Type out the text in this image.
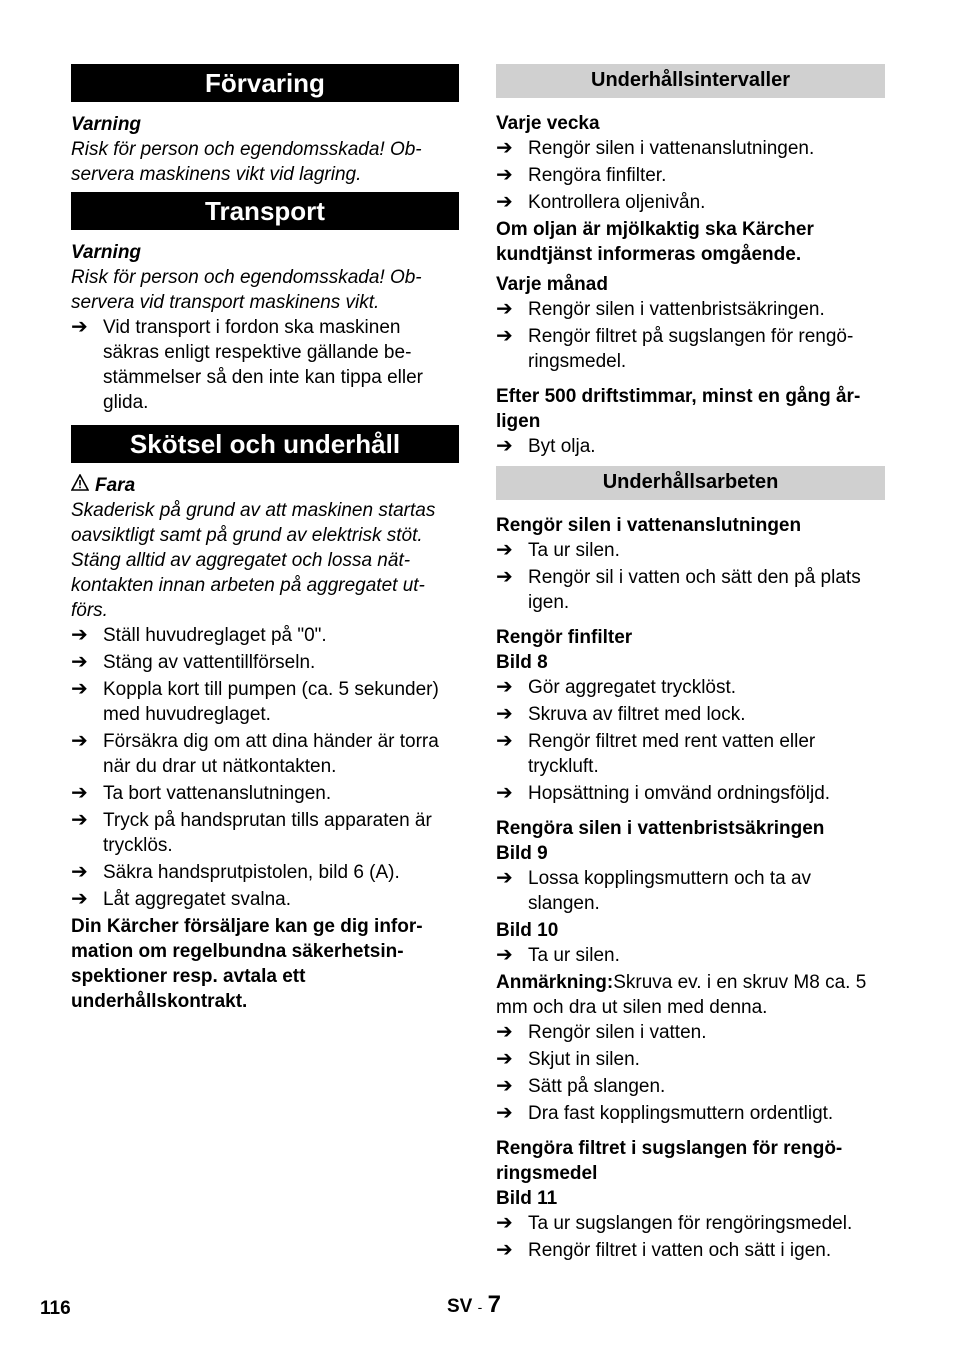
Förvaring
Varning

Risk för person och egendomsskada! Ob-servera maskinens vikt vid lagring.

Transport
Varning

Risk för person och egendomsskada! Ob-servera vid transport maskinens vikt.

➔ Vid transport i fordon ska maskinen säkras enligt respektive gällande be-stämmelser så den inte kan tippa eller glida.
Skötsel och underhåll
Fara

Skaderisk på grund av att maskinen startas oavsiktligt samt på grund av elektrisk stöt. Stäng alltid av aggregatet och lossa nät-kontakten innan arbeten på aggregatet ut-förs.

➔ Ställ huvudreglaget på "0".
➔ Stäng av vattentillförseln.
➔ Koppla kort till pumpen (ca. 5 sekunder) med huvudreglaget.
➔ Försäkra dig om att dina händer är torra när du drar ut nätkontakten.
➔ Ta bort vattenanslutningen.
➔ Tryck på handsprutan tills apparaten är trycklös.
➔ Säkra handsprutpistolen, bild 6 (A).
➔ Låt aggregatet svalna.

Din Kärcher försäljare kan ge dig infor-mation om regelbundna säkerhetsin-spektioner resp. avtala ett underhållskontrakt.

Underhållsintervaller

Varje vecka

➔ Rengör silen i vattenanslutningen.
➔ Rengöra finfilter.
➔ Kontrollera oljenivån.

Om oljan är mjölkaktig ska Kärcher kundtjänst informeras omgående.

Varje månad

➔ Rengör silen i vattenbristsäkringen.
➔ Rengör filtret på sugslangen för rengö-ringsmedel.

Efter 500 driftstimmar, minst en gång år-ligen

➔ Byt olja.
Underhållsarbeten

Rengör silen i vattenanslutningen

➔ Ta ur silen.
➔ Rengör sil i vatten och sätt den på plats igen.

Rengör finfilter

Bild 8

➔ Gör aggregatet trycklöst.
➔ Skruva av filtret med lock.
➔ Rengör filtret med rent vatten eller tryckluft.
➔ Hopsättning i omvänd ordningsföljd.

Rengöra silen i vattenbristsäkringen

Bild 9

➔ Lossa kopplingsmuttern och ta av slangen.

Bild 10

➔ Ta ur silen.

Anmärkning:Skruva ev. i en skruv M8 ca. 5 mm och dra ut silen med denna.

➔ Rengör silen i vatten.
➔ Skjut in silen.
➔ Sätt på slangen.
➔ Dra fast kopplingsmuttern ordentligt.

Rengöra filtret i sugslangen för rengö-ringsmedel

Bild 11

➔ Ta ur sugslangen för rengöringsmedel.
➔ Rengör filtret i vatten och sätt i igen.
116	SV - 7
